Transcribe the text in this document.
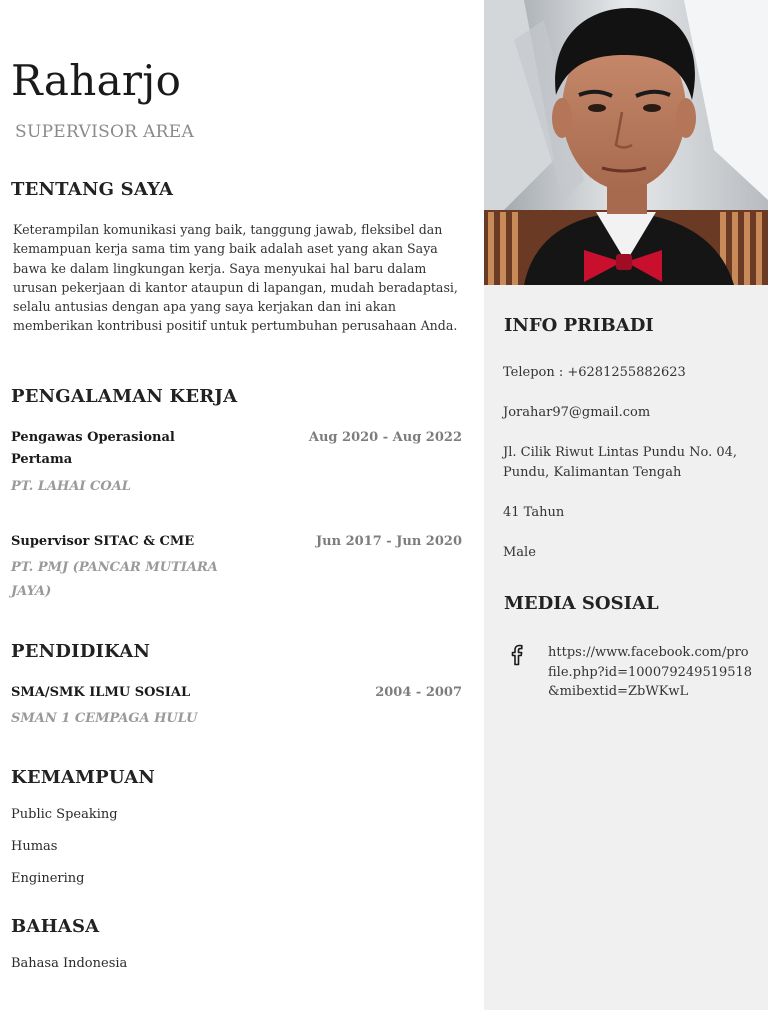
Raharjo
SUPERVISOR AREA
TENTANG SAYA
Keterampilan komunikasi yang baik, tanggung jawab, fleksibel dan kemampuan kerja sama tim yang baik adalah aset yang akan Saya bawa ke dalam lingkungan kerja. Saya menyukai hal baru dalam urusan pekerjaan di kantor ataupun di lapangan, mudah beradaptasi, selalu antusias dengan apa yang saya kerjakan dan ini akan memberikan kontribusi positif untuk pertumbuhan perusahaan Anda.
PENGALAMAN KERJA
Pengawas Operasional Pertama
Aug 2020 - Aug 2022
PT. LAHAI COAL
Supervisor SITAC & CME	Jun 2017 - Jun 2020
PT. PMJ (PANCAR MUTIARA JAYA)
PENDIDIKAN
SMA/SMK ILMU SOSIAL	2004 - 2007
SMAN 1 CEMPAGA HULU
KEMAMPUAN
Public Speaking
Humas
Enginering
BAHASA
Bahasa Indonesia
INFO PRIBADI
Telepon : +6281255882623
Jorahar97@gmail.com
Jl. Cilik Riwut Lintas Pundu No. 04, Pundu, Kalimantan Tengah
41 Tahun
Male
MEDIA SOSIAL
https://www.facebook.com/profile.php?id=100079249519518&mibextid=ZbWKwL
